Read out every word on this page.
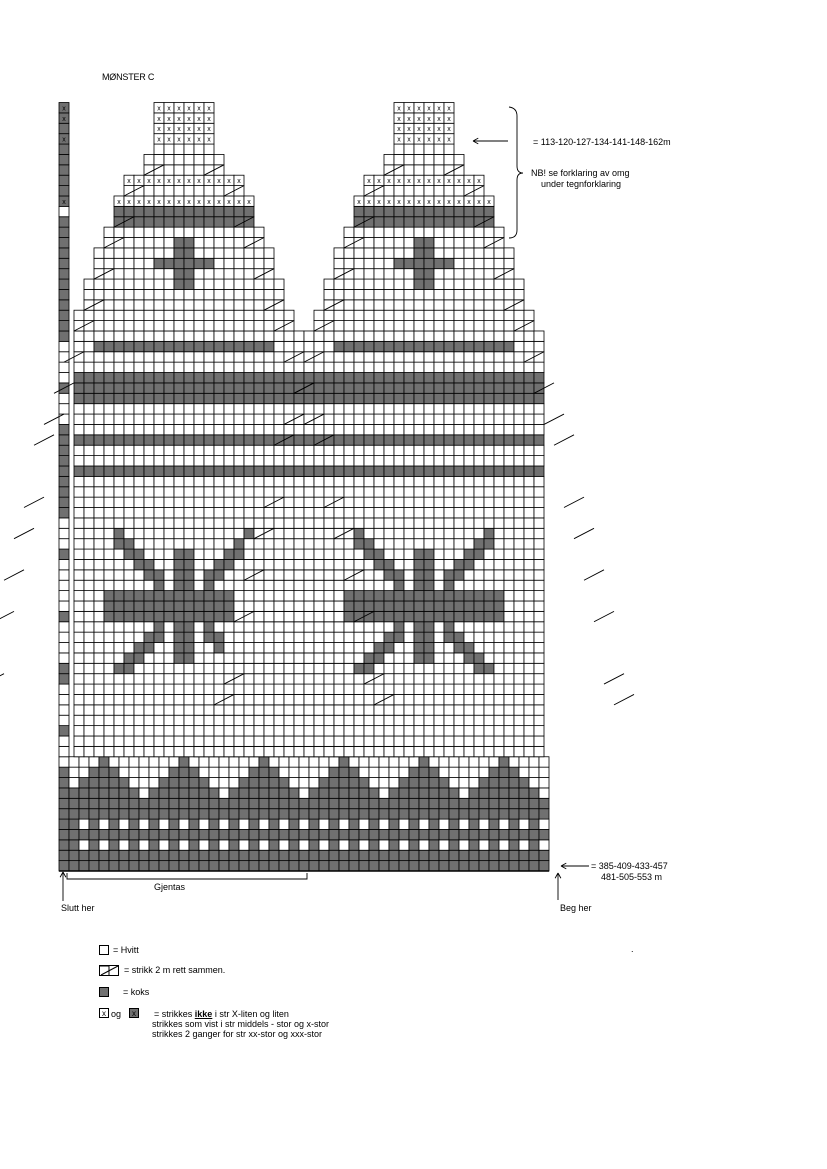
MØNSTER C
x	x x x x x x x x x x x x x x	x x x x x x x x x x x x x x
x x x x x x x x x x x x	x x x x x x x x x x x x
x	x x x x x x	x x x x x x
x x x x x x	x x x x x x
x	x x x x x x	x x x x x x
x	x x x x x x	x x x x x x
= 113-120-127-134-141-148-162m
NB! se forklaring av omg
under tegnforklaring
= 385-409-433-457
481-505-553 m
Gjentas
Slutt her	Beg her
.
= Hvitt
= strikk 2 m rett sammen.
= koks
x og	x	= strikkes ikke i str X-liten og liten
strikkes som vist i str middels - stor og x-stor
strikkes 2 ganger for str xx-stor og xxx-stor
